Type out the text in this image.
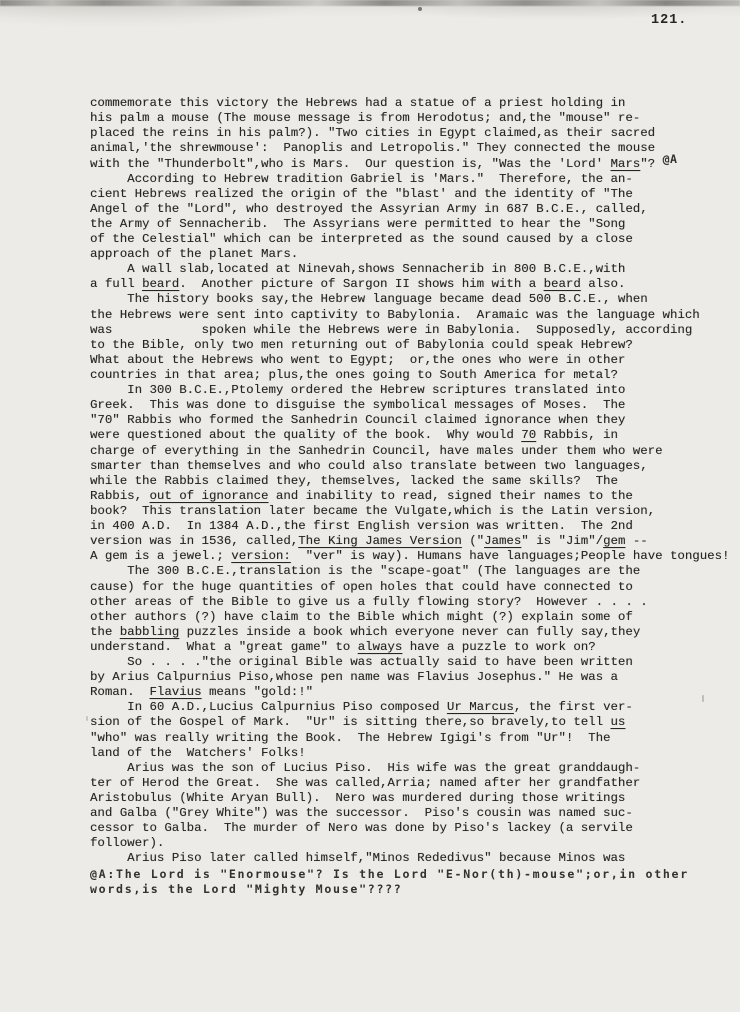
121.
commemorate this victory the Hebrews had a statue of a priest holding in
his palm a mouse (The mouse message is from Herodotus; and,the "mouse" re-
placed the reins in his palm?). "Two cities in Egypt claimed,as their sacred
animal,'the shrewmouse':  Panoplis and Letropolis." They connected the mouse
with the "Thunderbolt",who is Mars.  Our question is, "Was the 'Lord' Mars"? @A
According to Hebrew tradition Gabriel is 'Mars."  Therefore, the an-
cient Hebrews realized the origin of the "blast' and the identity of "The
Angel of the "Lord", who destroyed the Assyrian Army in 687 B.C.E., called,
the Army of Sennacherib.  The Assyrians were permitted to hear the "Song
of the Celestial" which can be interpreted as the sound caused by a close
approach of the planet Mars.
A wall slab,located at Ninevah,shows Sennacherib in 800 B.C.E.,with
a full beard.  Another picture of Sargon II shows him with a beard also.
The history books say,the Hebrew language became dead 500 B.C.E., when
the Hebrews were sent into captivity to Babylonia.  Aramaic was the language which
was            spoken while the Hebrews were in Babylonia.  Supposedly, according
to the Bible, only two men returning out of Babylonia could speak Hebrew?
What about the Hebrews who went to Egypt;  or,the ones who were in other
countries in that area; plus,the ones going to South America for metal?
In 300 B.C.E.,Ptolemy ordered the Hebrew scriptures translated into
Greek.  This was done to disguise the symbolical messages of Moses.  The
"70" Rabbis who formed the Sanhedrin Council claimed ignorance when they
were questioned about the quality of the book.  Why would 70 Rabbis, in
charge of everything in the Sanhedrin Council, have males under them who were
smarter than themselves and who could also translate between two languages,
while the Rabbis claimed they, themselves, lacked the same skills?  The
Rabbis, out of ignorance and inability to read, signed their names to the
book?  This translation later became the Vulgate,which is the Latin version,
in 400 A.D.  In 1384 A.D.,the first English version was written.  The 2nd
version was in 1536, called,The King James Version ("James" is "Jim"/gem --
A gem is a jewel.; version:  "ver" is way). Humans have languages;People have tongues!
The 300 B.C.E.,translation is the "scape-goat" (The languages are the
cause) for the huge quantities of open holes that could have connected to
other areas of the Bible to give us a fully flowing story?  However . . . .
other authors (?) have claim to the Bible which might (?) explain some of
the babbling puzzles inside a book which everyone never can fully say,they
understand.  What a "great game" to always have a puzzle to work on?
So . . . ."the original Bible was actually said to have been written
by Arius Calpurnius Piso,whose pen name was Flavius Josephus." He was a
Roman.  Flavius means "gold:!"
In 60 A.D.,Lucius Calpurnius Piso composed Ur Marcus, the first ver-
sion of the Gospel of Mark.  "Ur" is sitting there,so bravely,to tell us
"who" was really writing the Book.  The Hebrew Igigi's from "Ur"!  The
land of the  Watchers' Folks!
Arius was the son of Lucius Piso.  His wife was the great granddaugh-
ter of Herod the Great.  She was called,Arria; named after her grandfather
Aristobulus (White Aryan Bull).  Nero was murdered during those writings
and Galba ("Grey White") was the successor.  Piso's cousin was named suc-
cessor to Galba.  The murder of Nero was done by Piso's lackey (a servile
follower).
Arius Piso later called himself,"Minos Rededivus" because Minos was
@A:The Lord is "Enormouse"? Is the Lord "E-Nor(th)-mouse";or,in other
words,is the Lord "Mighty Mouse"????
